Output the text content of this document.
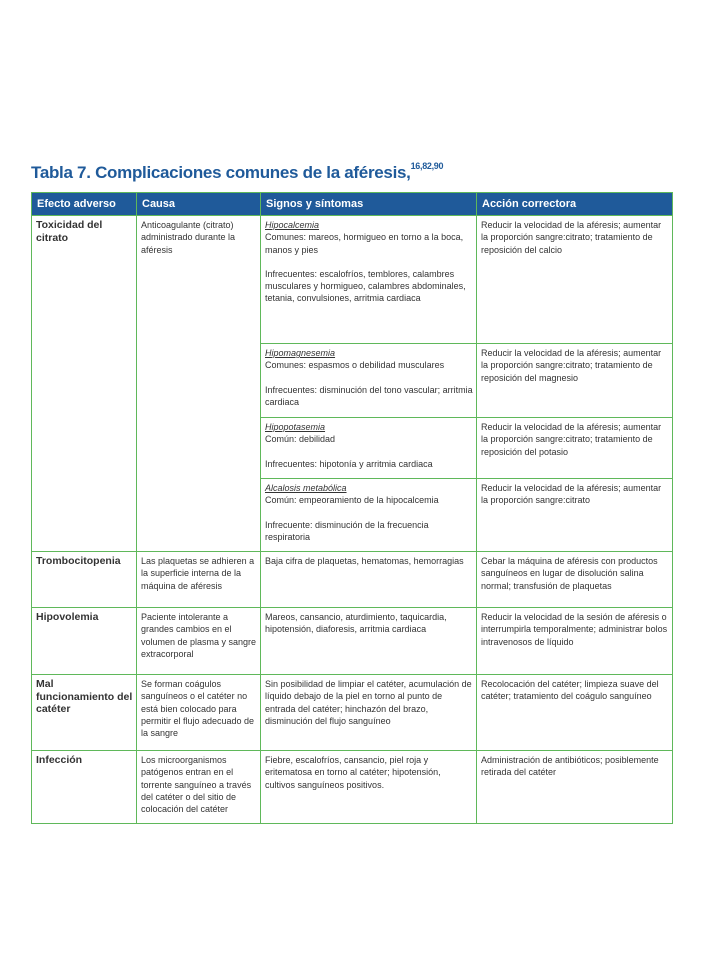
Tabla 7. Complicaciones comunes de la aféresis,$^{16,82,90}$
Efecto adverso	Causa	Signos y síntomas	Acción correctora
Toxicidad del citrato	Anticoagulante (citrato) administrado durante la aféresis	Hipocalcemia
Comunes: mareos, hormigueo en torno a la boca, manos y pies
Infrecuentes: escalofríos, temblores, calambres musculares y hormigueo, calambres abdominales, tetania, convulsiones, arritmia cardiaca	Reducir la velocidad de la aféresis; aumentar la proporción sangre:citrato; tratamiento de reposición del calcio

		Hipomagnesemia
Comunes: espasmos o debilidad musculares
Infrecuentes: disminución del tono vascular; arritmia cardiaca	Reducir la velocidad de la aféresis; aumentar la proporción sangre:citrato; tratamiento de reposición del magnesio

		Hipopotasemia
Común: debilidad
Infrecuentes: hipotonía y arritmia cardiaca	Reducir la velocidad de la aféresis; aumentar la proporción sangre:citrato; tratamiento de reposición del potasio

		Alcalosis metabólica
Común: empeoramiento de la hipocalcemia
Infrecuente: disminución de la frecuencia respiratoria	Reducir la velocidad de la aféresis; aumentar la proporción sangre:citrato
Trombocitopenia	Las plaquetas se adhieren a la superficie interna de la máquina de aféresis	Baja cifra de plaquetas, hematomas, hemorragias	Cebar la máquina de aféresis con productos sanguíneos en lugar de disolución salina normal; transfusión de plaquetas
Hipovolemia	Paciente intolerante a grandes cambios en el volumen de plasma y sangre extracorporal	Mareos, cansancio, aturdimiento, taquicardia, hipotensión, diaforesis, arritmia cardiaca	Reducir la velocidad de la sesión de aféresis o interrumpirla temporalmente; administrar bolos intravenosos de líquido
Mal funcionamiento del catéter	Se forman coágulos sanguíneos o el catéter no está bien colocado para permitir el flujo adecuado de la sangre	Sin posibilidad de limpiar el catéter, acumulación de líquido debajo de la piel en torno al punto de entrada del catéter; hinchazón del brazo, disminución del flujo sanguíneo	Recolocación del catéter; limpieza suave del catéter; tratamiento del coágulo sanguíneo
Infección	Los microorganismos patógenos entran en el torrente sanguíneo a través del catéter o del sitio de colocación del catéter	Fiebre, escalofríos, cansancio, piel roja y eritematosa en torno al catéter; hipotensión, cultivos sanguíneos positivos.	Administración de antibióticos; posiblemente retirada del catéter
